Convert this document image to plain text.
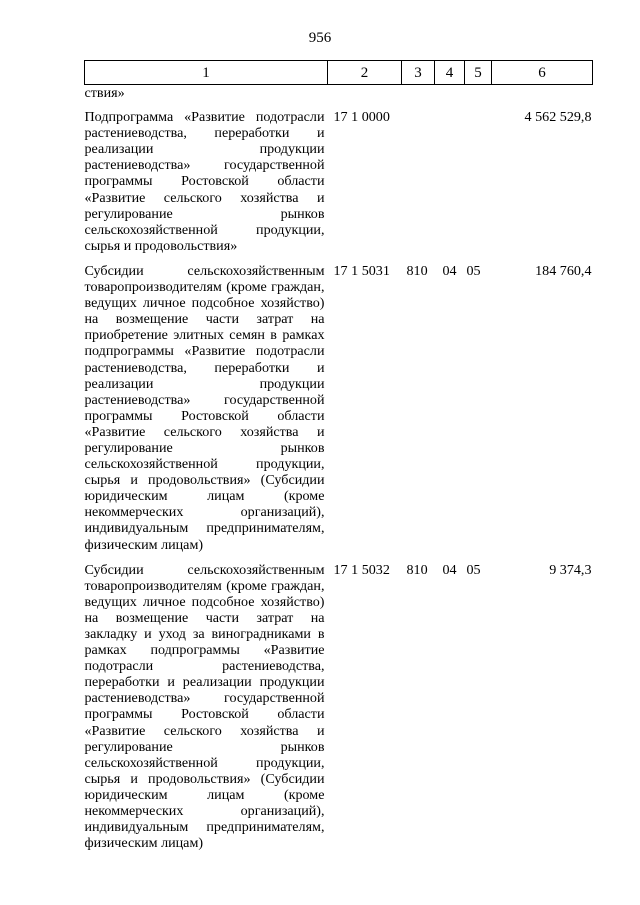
956
1	2	3	4	5	6
ствия»					
Подпрограмма «Развитие подотрасли растениеводства, переработки и реализации продукции растениеводства» государственной программы Ростовской области «Развитие сельского хозяйства и регулирование рынков сельскохозяйственной продукции, сырья и продовольствия»	17 1 0000				4 562 529,8
Субсидии сельскохозяйственным товаропроизводителям (кроме граждан, ведущих личное подсобное хозяйство) на возмещение части затрат на приобретение элитных семян в рамках подпрограммы «Развитие подотрасли растениеводства, переработки и реализации продукции растениеводства» государственной программы Ростовской области «Развитие сельского хозяйства и регулирование рынков сельскохозяйственной продукции, сырья и продовольствия» (Субсидии юридическим лицам (кроме некоммерческих организаций), индивидуальным предпринимателям, физическим лицам)	17 1 5031	810	04	05	184 760,4
Субсидии сельскохозяйственным товаропроизводителям (кроме граждан, ведущих личное подсобное хозяйство) на возмещение части затрат на закладку и уход за виноградниками в рамках подпрограммы «Развитие подотрасли растениеводства, переработки и реализации продукции растениеводства» государственной программы Ростовской области «Развитие сельского хозяйства и регулирование рынков сельскохозяйственной продукции, сырья и продовольствия» (Субсидии юридическим лицам (кроме некоммерческих организаций), индивидуальным предпринимателям, физическим лицам)	17 1 5032	810	04	05	9 374,3
